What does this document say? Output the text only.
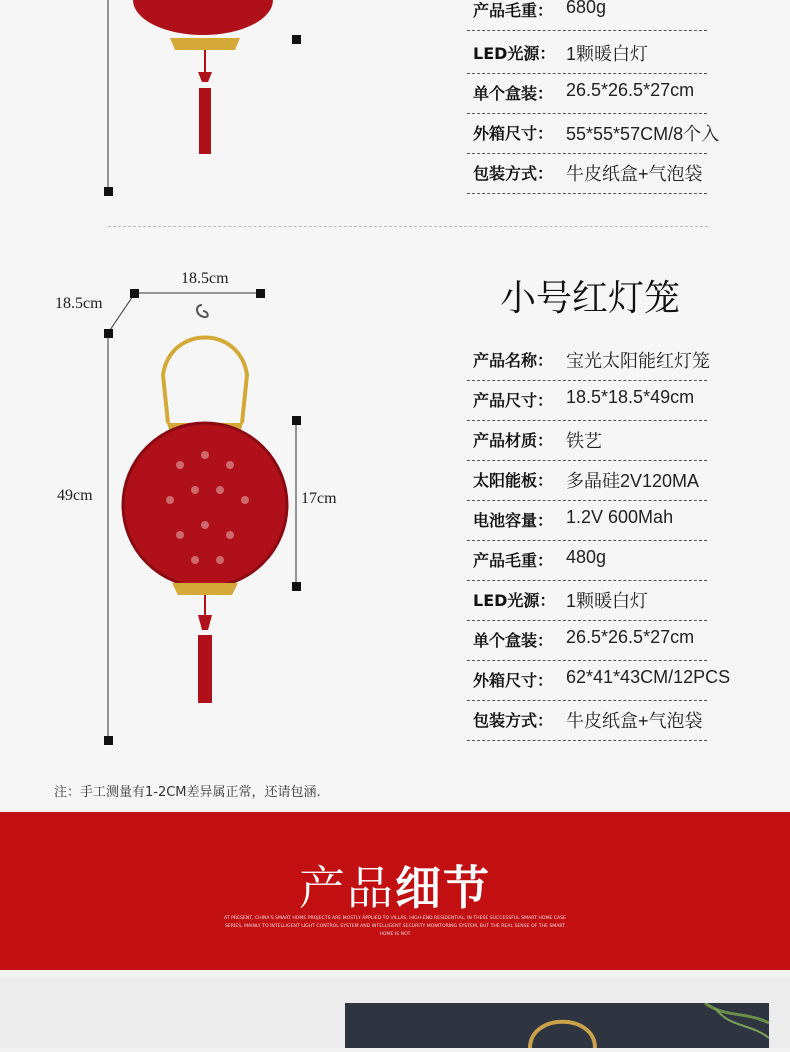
产品毛重： 680g
LED光源： 1颗暖白灯
单个盒装： 26.5*26.5*27cm
外箱尺寸： 55*55*57CM/8个入
包装方式： 牛皮纸盒+气泡袋
18.5cm
18.5cm
49cm	17cm
小号红灯笼
产品名称： 宝光太阳能红灯笼
产品尺寸： 18.5*18.5*49cm
产品材质： 铁艺
太阳能板： 多晶硅2V120MA
电池容量： 1.2V 600Mah
产品毛重： 480g
LED光源： 1颗暖白灯
单个盒装： 26.5*26.5*27cm
外箱尺寸： 62*41*43CM/12PCS
包装方式： 牛皮纸盒+气泡袋
注：手工测量有1-2CM差异属正常，还请包涵.
产品细节
AT PRESENT, CHINA'S SMART HOME PROJECTS ARE MOSTLY APPLIED TO VILLAS, HIGH-END RESIDENTIAL, IN THESE SUCCESSFUL SMART HOME CASE SERIES, MAINLY TO INTELLIGENT LIGHT CONTROL SYSTEM AND INTELLIGENT SECURITY MONITORING SYSTEM, BUT THE REAL SENSE OF THE SMART HOME IS NOT
